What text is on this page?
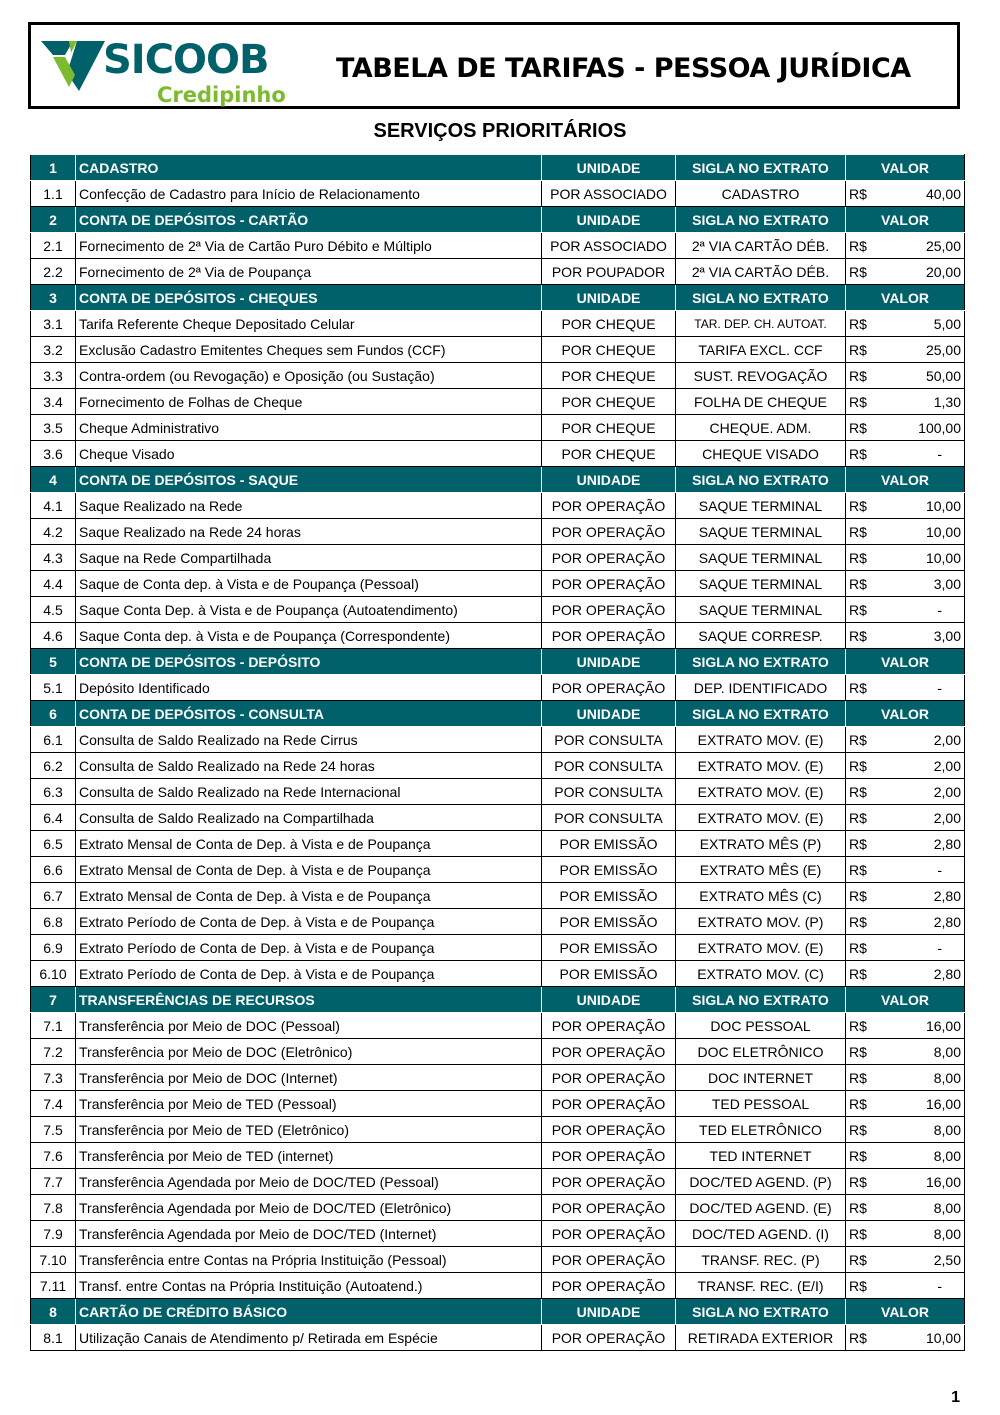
SICOOB
Credipinho
TABELA DE TARIFAS - PESSOA JURÍDICA
SERVIÇOS PRIORITÁRIOS
1	CADASTRO	UNIDADE	SIGLA NO EXTRATO	VALOR	
1.1	Confecção de Cadastro para Início de Relacionamento	POR ASSOCIADO	CADASTRO	R$	40,00
2	CONTA DE DEPÓSITOS - CARTÃO	UNIDADE	SIGLA NO EXTRATO	VALOR	
2.1	Fornecimento de 2ª Via de Cartão Puro Débito e Múltiplo	POR ASSOCIADO	2ª VIA CARTÃO DÉB.	R$	25,00
2.2	Fornecimento de 2ª Via de Poupança	POR POUPADOR	2ª VIA CARTÃO DÉB.	R$	20,00
3	CONTA DE DEPÓSITOS - CHEQUES	UNIDADE	SIGLA NO EXTRATO	VALOR	
3.1	Tarifa Referente Cheque Depositado Celular	POR CHEQUE	TAR. DEP. CH. AUTOAT.	R$	5,00
3.2	Exclusão Cadastro Emitentes Cheques sem Fundos (CCF)	POR CHEQUE	TARIFA EXCL. CCF	R$	25,00
3.3	Contra-ordem (ou Revogação) e Oposição (ou Sustação)	POR CHEQUE	SUST. REVOGAÇÃO	R$	50,00
3.4	Fornecimento de Folhas de Cheque	POR CHEQUE	FOLHA DE CHEQUE	R$	1,30
3.5	Cheque Administrativo	POR CHEQUE	CHEQUE. ADM.	R$	100,00
3.6	Cheque Visado	POR CHEQUE	CHEQUE VISADO	R$	-
4	CONTA DE DEPÓSITOS - SAQUE	UNIDADE	SIGLA NO EXTRATO	VALOR	
4.1	Saque Realizado na Rede	POR OPERAÇÃO	SAQUE TERMINAL	R$	10,00
4.2	Saque Realizado na Rede 24 horas	POR OPERAÇÃO	SAQUE TERMINAL	R$	10,00
4.3	Saque na Rede Compartilhada	POR OPERAÇÃO	SAQUE TERMINAL	R$	10,00
4.4	Saque de Conta dep. à Vista e de Poupança (Pessoal)	POR OPERAÇÃO	SAQUE TERMINAL	R$	3,00
4.5	Saque Conta Dep. à Vista e de Poupança (Autoatendimento)	POR OPERAÇÃO	SAQUE TERMINAL	R$	-
4.6	Saque Conta dep. à Vista e de Poupança (Correspondente)	POR OPERAÇÃO	SAQUE CORRESP.	R$	3,00
5	CONTA DE DEPÓSITOS - DEPÓSITO	UNIDADE	SIGLA NO EXTRATO	VALOR	
5.1	Depósito Identificado	POR OPERAÇÃO	DEP. IDENTIFICADO	R$	-
6	CONTA DE DEPÓSITOS - CONSULTA	UNIDADE	SIGLA NO EXTRATO	VALOR	
6.1	Consulta de Saldo Realizado na Rede Cirrus	POR CONSULTA	EXTRATO MOV. (E)	R$	2,00
6.2	Consulta de Saldo Realizado na Rede 24 horas	POR CONSULTA	EXTRATO MOV. (E)	R$	2,00
6.3	Consulta de Saldo Realizado na Rede Internacional	POR CONSULTA	EXTRATO MOV. (E)	R$	2,00
6.4	Consulta de Saldo Realizado na Compartilhada	POR CONSULTA	EXTRATO MOV. (E)	R$	2,00
6.5	Extrato Mensal de Conta de Dep. à Vista e de Poupança	POR EMISSÃO	EXTRATO MÊS (P)	R$	2,80
6.6	Extrato Mensal de Conta de Dep. à Vista e de Poupança	POR EMISSÃO	EXTRATO MÊS (E)	R$	-
6.7	Extrato Mensal de Conta de Dep. à Vista e de Poupança	POR EMISSÃO	EXTRATO MÊS (C)	R$	2,80
6.8	Extrato Período de Conta de Dep. à Vista e de Poupança	POR EMISSÃO	EXTRATO MOV. (P)	R$	2,80
6.9	Extrato Período de Conta de Dep. à Vista e de Poupança	POR EMISSÃO	EXTRATO MOV. (E)	R$	-
6.10	Extrato Período de Conta de Dep. à Vista e de Poupança	POR EMISSÃO	EXTRATO MOV. (C)	R$	2,80
7	TRANSFERÊNCIAS DE RECURSOS	UNIDADE	SIGLA NO EXTRATO	VALOR	
7.1	Transferência por Meio de DOC (Pessoal)	POR OPERAÇÃO	DOC PESSOAL	R$	16,00
7.2	Transferência por Meio de DOC (Eletrônico)	POR OPERAÇÃO	DOC ELETRÔNICO	R$	8,00
7.3	Transferência por Meio de DOC (Internet)	POR OPERAÇÃO	DOC INTERNET	R$	8,00
7.4	Transferência por Meio de TED (Pessoal)	POR OPERAÇÃO	TED PESSOAL	R$	16,00
7.5	Transferência por Meio de TED (Eletrônico)	POR OPERAÇÃO	TED ELETRÔNICO	R$	8,00
7.6	Transferência por Meio de TED (internet)	POR OPERAÇÃO	TED INTERNET	R$	8,00
7.7	Transferência Agendada por Meio de DOC/TED (Pessoal)	POR OPERAÇÃO	DOC/TED AGEND. (P)	R$	16,00
7.8	Transferência Agendada por Meio de DOC/TED (Eletrônico)	POR OPERAÇÃO	DOC/TED AGEND. (E)	R$	8,00
7.9	Transferência Agendada por Meio de DOC/TED (Internet)	POR OPERAÇÃO	DOC/TED AGEND. (I)	R$	8,00
7.10	Transferência entre Contas na Própria Instituição (Pessoal)	POR OPERAÇÃO	TRANSF. REC. (P)	R$	2,50
7.11	Transf. entre Contas na Própria Instituição (Autoatend.)	POR OPERAÇÃO	TRANSF. REC. (E/I)	R$	-
8	CARTÃO DE CRÉDITO BÁSICO	UNIDADE	SIGLA NO EXTRATO	VALOR	
8.1	Utilização Canais de Atendimento p/ Retirada em Espécie	POR OPERAÇÃO	RETIRADA EXTERIOR	R$	10,00
1
